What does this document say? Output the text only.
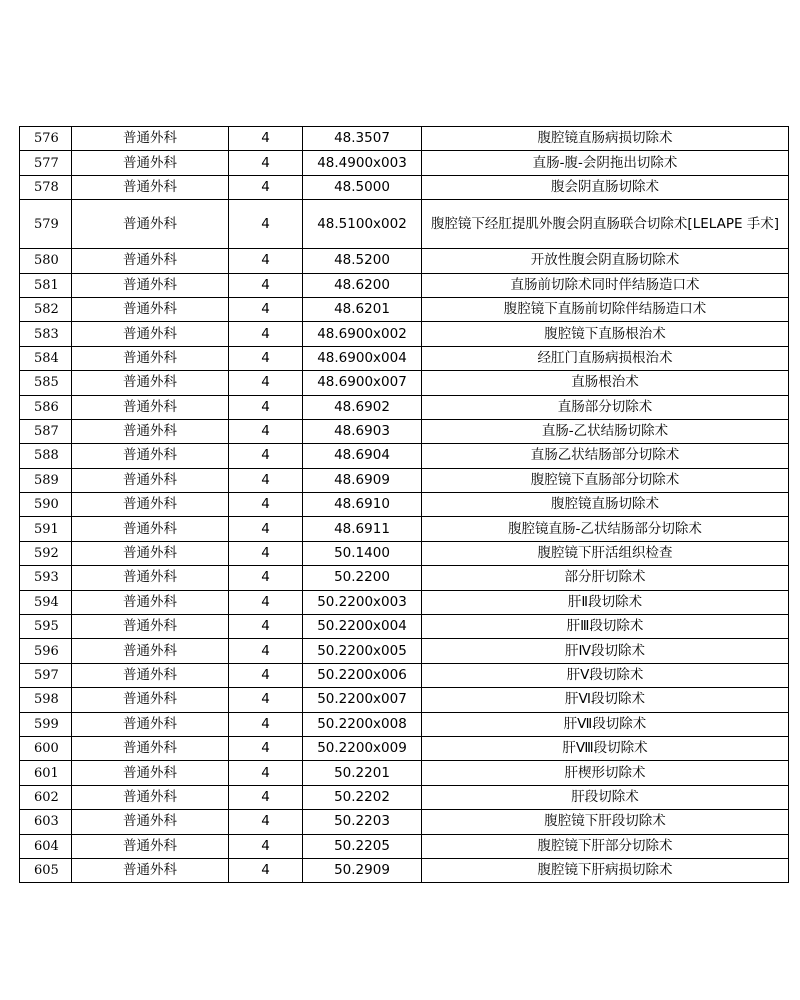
576	普通外科	4	48.3507	腹腔镜直肠病损切除术
577	普通外科	4	48.4900x003	直肠-腹-会阴拖出切除术
578	普通外科	4	48.5000	腹会阴直肠切除术
579	普通外科	4	48.5100x002	腹腔镜下经肛提肌外腹会阴直肠联合切除术[LELAPE 手术]
580	普通外科	4	48.5200	开放性腹会阴直肠切除术
581	普通外科	4	48.6200	直肠前切除术同时伴结肠造口术
582	普通外科	4	48.6201	腹腔镜下直肠前切除伴结肠造口术
583	普通外科	4	48.6900x002	腹腔镜下直肠根治术
584	普通外科	4	48.6900x004	经肛门直肠病损根治术
585	普通外科	4	48.6900x007	直肠根治术
586	普通外科	4	48.6902	直肠部分切除术
587	普通外科	4	48.6903	直肠-乙状结肠切除术
588	普通外科	4	48.6904	直肠乙状结肠部分切除术
589	普通外科	4	48.6909	腹腔镜下直肠部分切除术
590	普通外科	4	48.6910	腹腔镜直肠切除术
591	普通外科	4	48.6911	腹腔镜直肠-乙状结肠部分切除术
592	普通外科	4	50.1400	腹腔镜下肝活组织检查
593	普通外科	4	50.2200	部分肝切除术
594	普通外科	4	50.2200x003	肝Ⅱ段切除术
595	普通外科	4	50.2200x004	肝Ⅲ段切除术
596	普通外科	4	50.2200x005	肝Ⅳ段切除术
597	普通外科	4	50.2200x006	肝Ⅴ段切除术
598	普通外科	4	50.2200x007	肝Ⅵ段切除术
599	普通外科	4	50.2200x008	肝Ⅶ段切除术
600	普通外科	4	50.2200x009	肝Ⅷ段切除术
601	普通外科	4	50.2201	肝楔形切除术
602	普通外科	4	50.2202	肝段切除术
603	普通外科	4	50.2203	腹腔镜下肝段切除术
604	普通外科	4	50.2205	腹腔镜下肝部分切除术
605	普通外科	4	50.2909	腹腔镜下肝病损切除术
